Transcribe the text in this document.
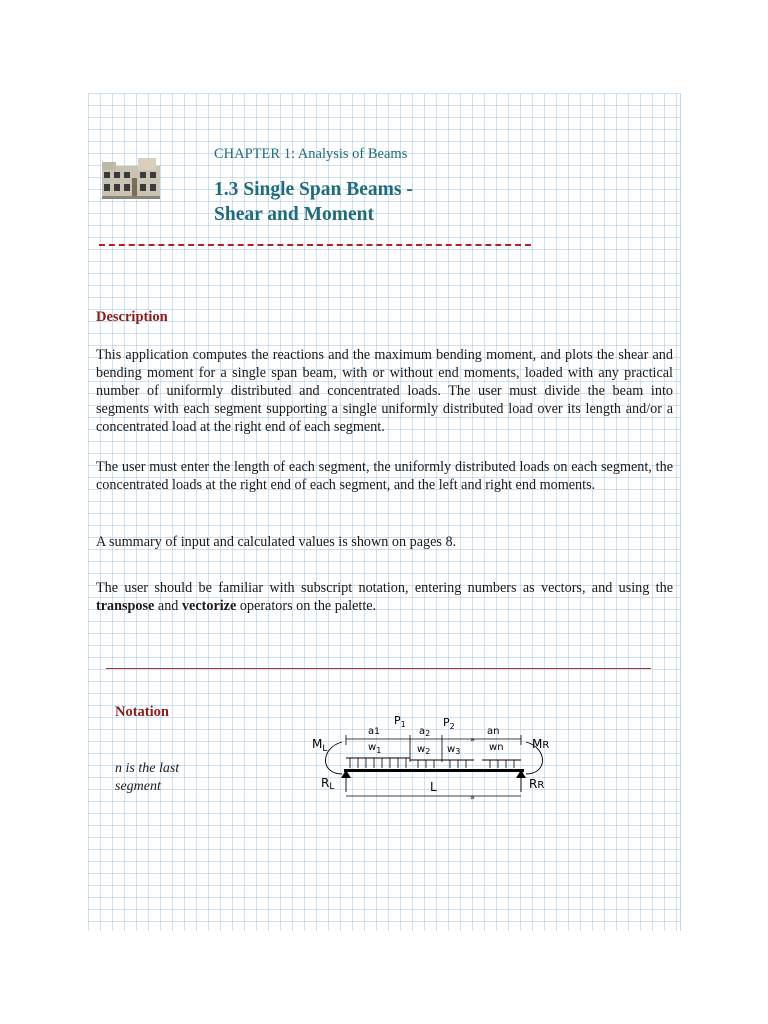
CHAPTER 1: Analysis of Beams
1.3 Single Span Beams -
Shear and Moment
Description
This application computes the reactions and the maximum bending moment, and plots the shear and bending moment for a single span beam, with or without end moments, loaded with any practical number of uniformly distributed and concentrated loads. The user must divide the beam into segments with each segment supporting a single uniformly distributed load over its length and/or a concentrated load at the right end of each segment.
The user must enter the length of each segment, the uniformly distributed loads on each segment, the concentrated loads at the right end of each segment, and the left and right end moments.
A summary of input and calculated values is shown on pages 8.
The user should be familiar with subscript notation, entering numbers as vectors, and using the transpose and vectorize operators on the palette.
Notation
n is the last
segment
$P_1$	$P_2$
a1	$a_2$	an
»
$M_L$	MR
$w_1$	$w_2$ $w_3$	wn
RL	RR
L
»
